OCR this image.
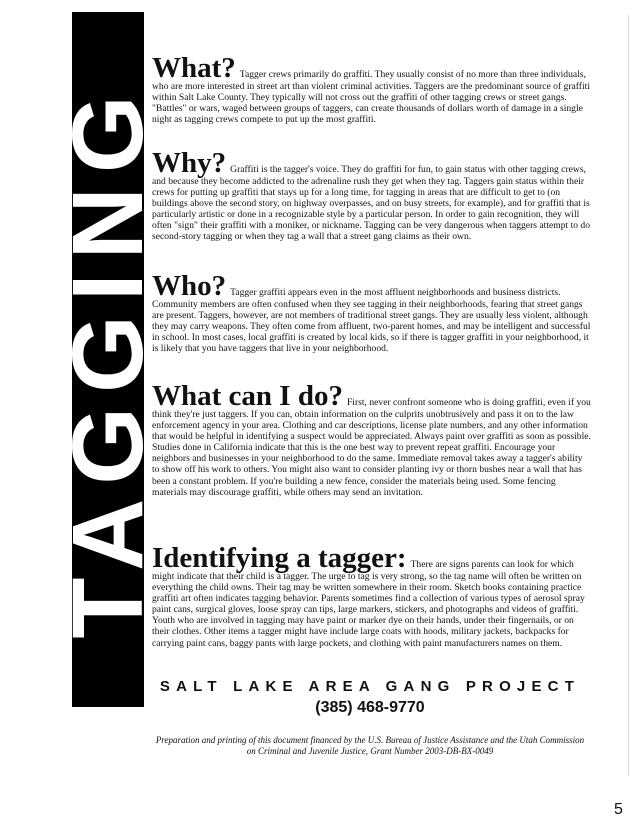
TAGGING
What? Tagger crews primarily do graffiti. They usually consist of no more than three individuals, who are more interested in street art than violent criminal activities. Taggers are the predominant source of graffiti within Salt Lake County. They typically will not cross out the graffiti of other tagging crews or street gangs. "Battles" or wars, waged between groups of taggers, can create thousands of dollars worth of damage in a single night as tagging crews compete to put up the most graffiti.
Why? Graffiti is the tagger's voice. They do graffiti for fun, to gain status with other tagging crews, and because they become addicted to the adrenaline rush they get when they tag. Taggers gain status within their crews for putting up graffiti that stays up for a long time, for tagging in areas that are difficult to get to (on buildings above the second story, on highway overpasses, and on busy streets, for example), and for graffiti that is particularly artistic or done in a recognizable style by a particular person. In order to gain recognition, they will often "sign" their graffiti with a moniker, or nickname. Tagging can be very dangerous when taggers attempt to do second-story tagging or when they tag a wall that a street gang claims as their own.
Who? Tagger graffiti appears even in the most affluent neighborhoods and business districts. Community members are often confused when they see tagging in their neighborhoods, fearing that street gangs are present. Taggers, however, are not members of traditional street gangs. They are usually less violent, although they may carry weapons. They often come from affluent, two-parent homes, and may be intelligent and successful in school. In most cases, local graffiti is created by local kids, so if there is tagger graffiti in your neighborhood, it is likely that you have taggers that live in your neighborhood.
What can I do? First, never confront someone who is doing graffiti, even if you think they're just taggers. If you can, obtain information on the culprits unobtrusively and pass it on to the law enforcement agency in your area. Clothing and car descriptions, license plate numbers, and any other information that would be helpful in identifying a suspect would be appreciated. Always paint over graffiti as soon as possible. Studies done in California indicate that this is the one best way to prevent repeat graffiti. Encourage your neighbors and businesses in your neighborhood to do the same. Immediate removal takes away a tagger's ability to show off his work to others. You might also want to consider planting ivy or thorn bushes near a wall that has been a constant problem. If you're building a new fence, consider the materials being used. Some fencing materials may discourage graffiti, while others may send an invitation.
Identifying a tagger: There are signs parents can look for which might indicate that their child is a tagger. The urge to tag is very strong, so the tag name will often be written on everything the child owns. Their tag may be written somewhere in their room. Sketch books containing practice graffiti art often indicates tagging behavior. Parents sometimes find a collection of various types of aerosol spray paint cans, surgical gloves, loose spray can tips, large markers, stickers, and photographs and videos of graffiti. Youth who are involved in tagging may have paint or marker dye on their hands, under their fingernails, or on their clothes. Other items a tagger might have include large coats with hoods, military jackets, backpacks for carrying paint cans, baggy pants with large pockets, and clothing with paint manufacturers names on them.
SALT LAKE AREA GANG PROJECT
(385) 468-9770
Preparation and printing of this document financed by the U.S. Bureau of Justice Assistance and the Utah Commission
on Criminal and Juvenile Justice, Grant Number 2003-DB-BX-0049
5
